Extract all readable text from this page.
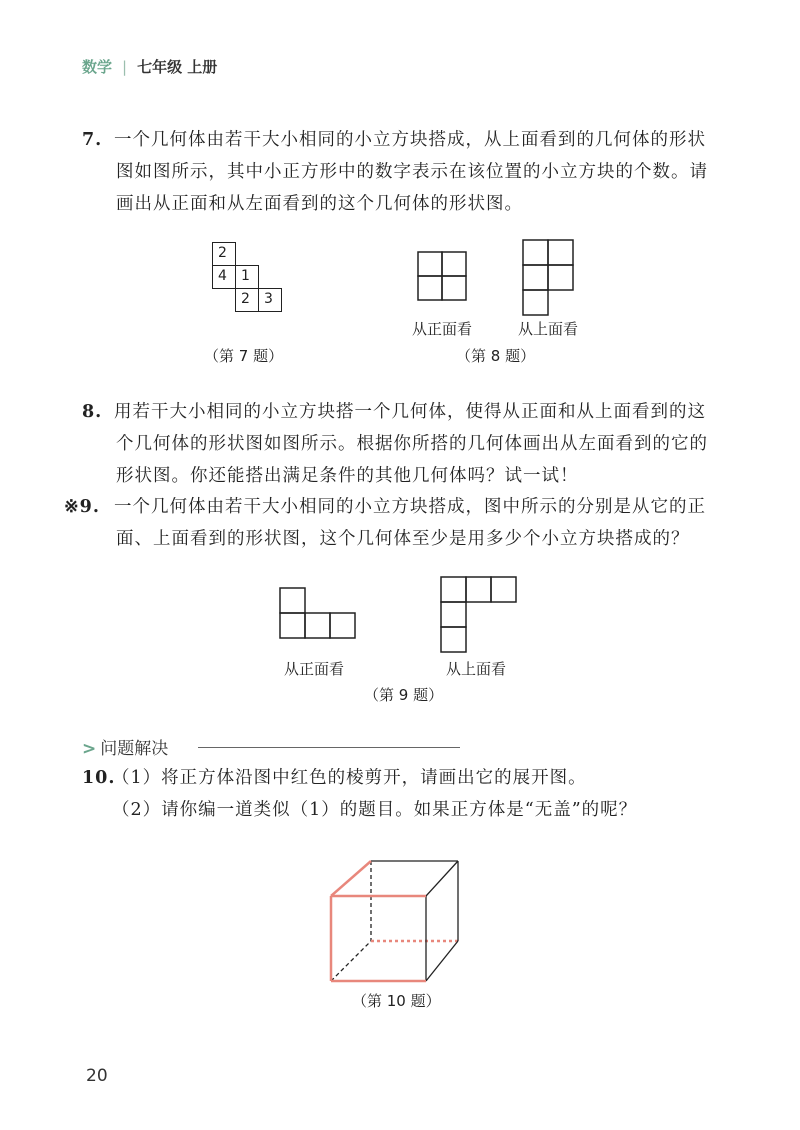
数学 | 七年级 上册
7. 一个几何体由若干大小相同的小立方块搭成，从上面看到的几何体的形状
图如图所示，其中小正方形中的数字表示在该位置的小立方块的个数。请
画出从正面和从左面看到的这个几何体的形状图。
2
4	1
2	3
（第 7 题）
从正面看	从上面看
（第 8 题）
8. 用若干大小相同的小立方块搭一个几何体，使得从正面和从上面看到的这
个几何体的形状图如图所示。根据你所搭的几何体画出从左面看到的它的
形状图。你还能搭出满足条件的其他几何体吗？试一试！
※9. 一个几何体由若干大小相同的小立方块搭成，图中所示的分别是从它的正
面、上面看到的形状图，这个几何体至少是用多少个小立方块搭成的？
从正面看	从上面看
（第 9 题）
> 问题解决
10.（1）将正方体沿图中红色的棱剪开，请画出它的展开图。
（2）请你编一道类似（1）的题目。如果正方体是“无盖”的呢？
（第 10 题）
20
